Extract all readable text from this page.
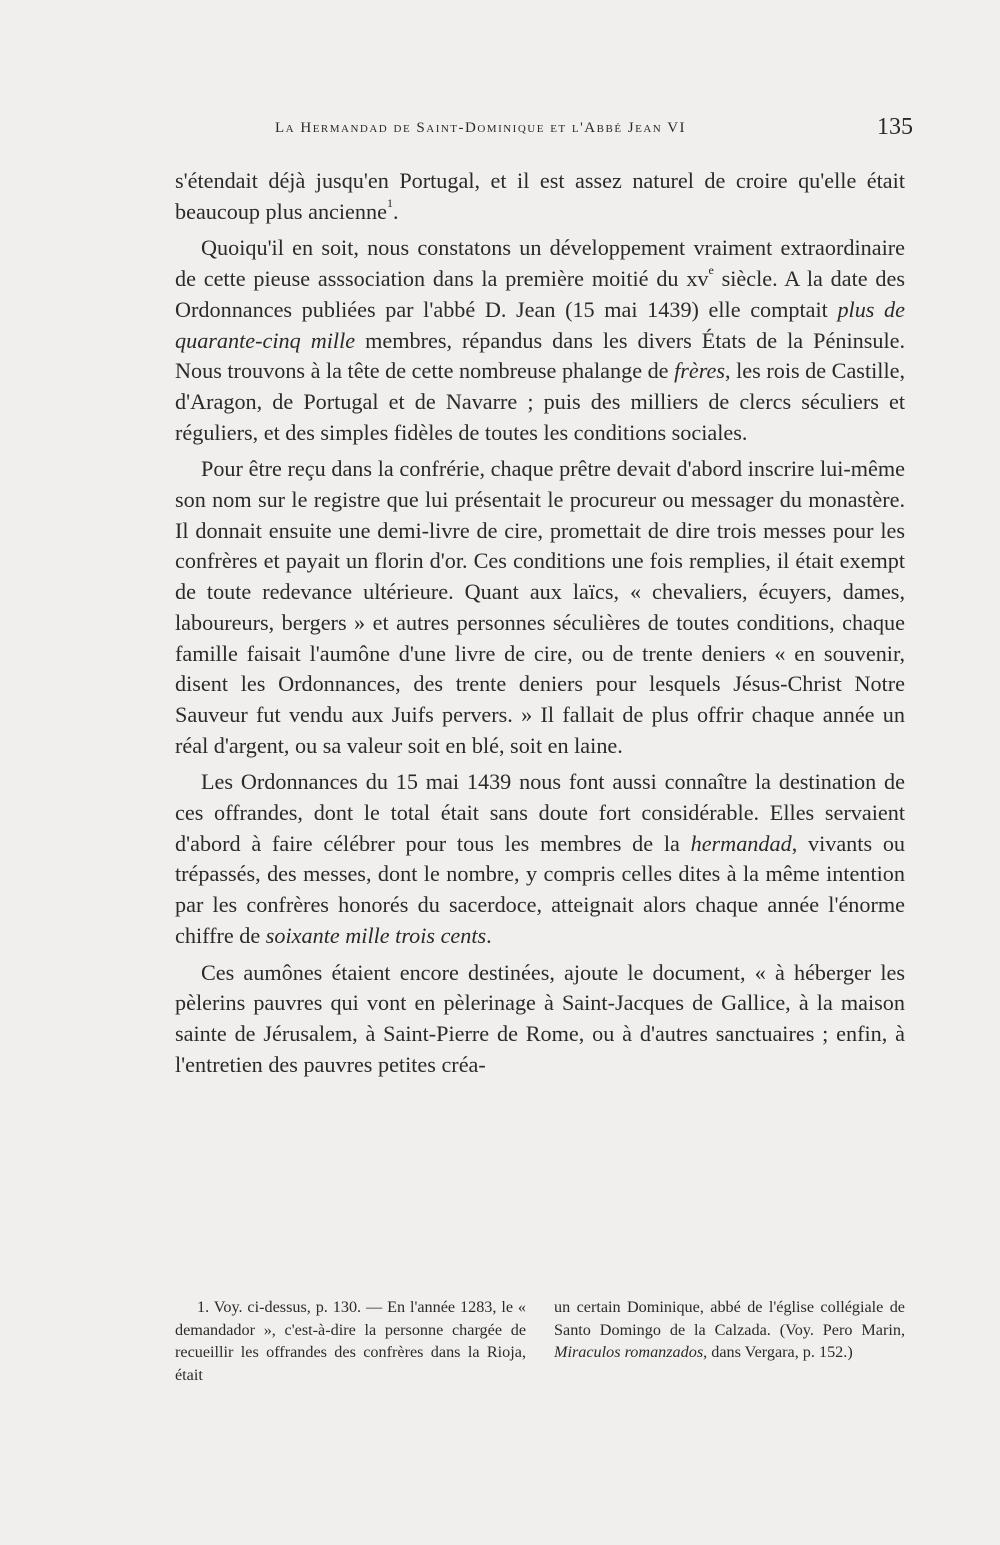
La Hermandad de Saint-Dominique et l'Abbé Jean VI	135

s'étendait déjà jusqu'en Portugal, et il est assez naturel de croire qu'elle était beaucoup plus ancienne$^1$.

Quoiqu'il en soit, nous constatons un développement vraiment extraordinaire de cette pieuse asssociation dans la première moitié du $xv^e$ siècle. A la date des Ordonnances publiées par l'abbé D. Jean (15 mai 1439) elle comptait plus de quarante-cinq mille membres, répandus dans les divers États de la Péninsule. Nous trouvons à la tête de cette nombreuse phalange de frères, les rois de Castille, d'Aragon, de Portugal et de Navarre ; puis des milliers de clercs séculiers et réguliers, et des simples fidèles de toutes les conditions sociales.

Pour être reçu dans la confrérie, chaque prêtre devait d'abord inscrire lui-même son nom sur le registre que lui présentait le procureur ou messager du monastère. Il donnait ensuite une demi-livre de cire, promettait de dire trois messes pour les confrères et payait un florin d'or. Ces conditions une fois remplies, il était exempt de toute redevance ultérieure. Quant aux laïcs, « chevaliers, écuyers, dames, laboureurs, bergers » et autres personnes séculières de toutes conditions, chaque famille faisait l'aumône d'une livre de cire, ou de trente deniers « en souvenir, disent les Ordonnances, des trente deniers pour lesquels Jésus-Christ Notre Sauveur fut vendu aux Juifs pervers. » Il fallait de plus offrir chaque année un réal d'argent, ou sa valeur soit en blé, soit en laine.

Les Ordonnances du 15 mai 1439 nous font aussi connaître la destination de ces offrandes, dont le total était sans doute fort considérable. Elles servaient d'abord à faire célébrer pour tous les membres de la hermandad, vivants ou trépassés, des messes, dont le nombre, y compris celles dites à la même intention par les confrères honorés du sacerdoce, atteignait alors chaque année l'énorme chiffre de soixante mille trois cents.

Ces aumônes étaient encore destinées, ajoute le document, « à héberger les pèlerins pauvres qui vont en pèlerinage à Saint-Jacques de Gallice, à la maison sainte de Jérusalem, à Saint-Pierre de Rome, ou à d'autres sanctuaires ; enfin, à l'entretien des pauvres petites créa-

1. Voy. ci-dessus, p. 130. — En l'année 1283, le « demandador », c'est-à-dire la personne chargée de recueillir les offrandes des confrères dans la Rioja, était

un certain Dominique, abbé de l'église collégiale de Santo Domingo de la Calzada. (Voy. Pero Marin, Miraculos romanzados, dans Vergara, p. 152.)
